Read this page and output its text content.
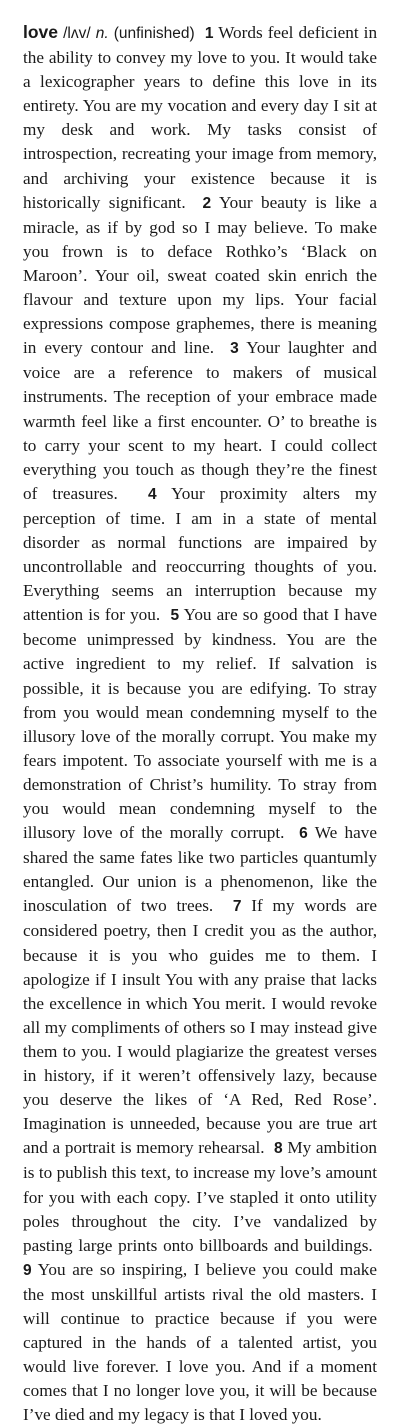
love /lʌv/ n. (unfinished) 1 Words feel deficient in the ability to convey my love to you. It would take a lexicographer years to define this love in its entirety. You are my vocation and every day I sit at my desk and work. My tasks consist of introspection, recreating your image from memory, and archiving your existence because it is historically significant. 2 Your beauty is like a miracle, as if by god so I may believe. To make you frown is to deface Rothko’s ‘Black on Maroon’. Your oil, sweat coated skin enrich the flavour and texture upon my lips. Your facial expressions compose graphemes, there is meaning in every contour and line. 3 Your laughter and voice are a reference to makers of musical instruments. The reception of your embrace made warmth feel like a first encounter. O’ to breathe is to carry your scent to my heart. I could collect everything you touch as though they’re the finest of treasures. 4 Your proximity alters my perception of time. I am in a state of mental disorder as normal functions are impaired by uncontrollable and reoccurring thoughts of you. Everything seems an interruption because my attention is for you. 5 You are so good that I have become unimpressed by kindness. You are the active ingredient to my relief. If salvation is possible, it is because you are edifying. To stray from you would mean condemning myself to the illusory love of the morally corrupt. You make my fears impotent. To associate yourself with me is a demonstration of Christ’s humility. To stray from you would mean condemning myself to the illusory love of the morally corrupt. 6 We have shared the same fates like two particles quantumly entangled. Our union is a phenomenon, like the inosculation of two trees. 7 If my words are considered poetry, then I credit you as the author, because it is you who guides me to them. I apologize if I insult You with any praise that lacks the excellence in which You merit. I would revoke all my compliments of others so I may instead give them to you. I would plagiarize the greatest verses in history, if it weren’t offensively lazy, because you deserve the likes of ‘A Red, Red Rose’. Imagination is unneeded, because you are true art and a portrait is memory rehearsal. 8 My ambition is to publish this text, to increase my love’s amount for you with each copy. I’ve stapled it onto utility poles throughout the city. I’ve vandalized by pasting large prints onto billboards and buildings.  9 You are so inspiring, I believe you could make the most unskillful artists rival the old masters. I will continue to practice because if you were captured in the hands of a talented artist, you would live forever. I love you. And if a moment comes that I no longer love you, it will be because I’ve died and my legacy is that I loved you.
